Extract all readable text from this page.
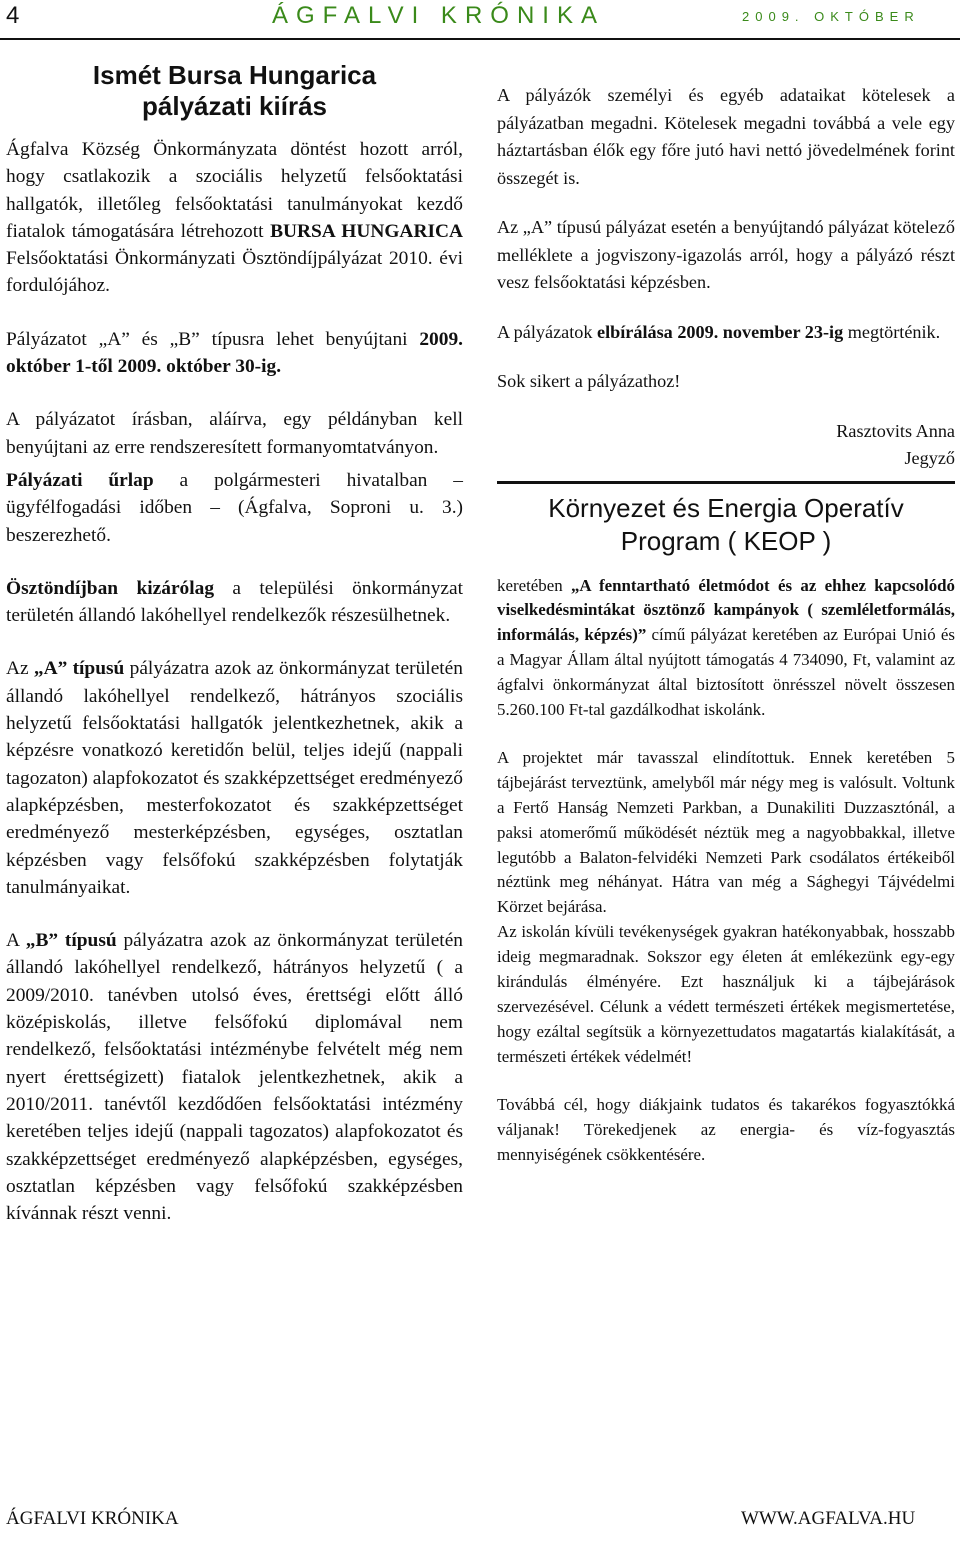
4	ÁGFALVI KRÓNIKA	2009. OKTÓBER
Ismét Bursa Hungarica
pályázati kiírás

Ágfalva Község Önkormányzata döntést hozott arról, hogy csatlakozik a szociális helyzetű felsőoktatási hallgatók, illetőleg felsőoktatási tanulmányokat kezdő fiatalok támogatására létrehozott BURSA HUNGARICA Felsőoktatási Önkormányzati Ösztöndíjpályázat 2010. évi fordulójához.

Pályázatot „A” és „B” típusra lehet benyújtani 2009. október 1-től 2009. október 30-ig.

A pályázatot írásban, aláírva, egy példányban kell benyújtani az erre rendszeresített formanyomtatványon.

Pályázati űrlap a polgármesteri hivatalban – ügyfélfogadási időben – (Ágfalva, Soproni u. 3.) beszerezhető.

Ösztöndíjban kizárólag a települési önkormányzat területén állandó lakóhellyel rendelkezők részesülhetnek.

Az „A” típusú pályázatra azok az önkormányzat területén állandó lakóhellyel rendelkező, hátrányos szociális helyzetű felsőoktatási hallgatók jelentkezhetnek, akik a képzésre vonatkozó keretidőn belül, teljes idejű (nappali tagozaton) alapfokozatot és szakképzettséget eredményező alapképzésben, mesterfokozatot és szakképzettséget eredményező mesterképzésben, egységes, osztatlan képzésben vagy felsőfokú szakképzésben folytatják tanulmányaikat.

A „B” típusú pályázatra azok az önkormányzat területén állandó lakóhellyel rendelkező, hátrányos helyzetű ( a 2009/2010. tanévben utolsó éves, érettségi előtt álló középiskolás, illetve felsőfokú diplomával nem rendelkező, felsőoktatási intézménybe felvételt még nem nyert érettségizett) fiatalok jelentkezhetnek, akik a 2010/2011. tanévtől kezdődően felsőoktatási intézmény keretében teljes idejű (nappali tagozatos) alapfokozatot és szakképzettséget eredményező alapképzésben, egységes, osztatlan képzésben vagy felsőfokú szakképzésben kívánnak részt venni.

A pályázók személyi és egyéb adataikat kötelesek a pályázatban megadni. Kötelesek megadni továbbá a vele egy háztartásban élők egy főre jutó havi nettó jövedelmének forint összegét is.

Az „A” típusú pályázat esetén a benyújtandó pályázat kötelező melléklete a jogviszony-igazolás arról, hogy a pályázó részt vesz felsőoktatási képzésben.

A pályázatok elbírálása 2009. november 23-ig megtörténik.

Sok sikert a pályázathoz!

Rasztovits Anna

Jegyző

Környezet és Energia Operatív
Program ( KEOP )

keretében „A fenntartható életmódot és az ehhez kapcsolódó viselkedésmintákat ösztönző kampányok ( szemléletformálás, informálás, képzés)” című pályázat keretében az Európai Unió és a Magyar Állam által nyújtott támogatás 4 734090, Ft, valamint az ágfalvi önkormányzat által biztosított önrésszel növelt összesen 5.260.100 Ft-tal gazdálkodhat iskolánk.

A projektet már tavasszal elindítottuk. Ennek keretében 5 tájbejárást terveztünk, amelyből már négy meg is valósult. Voltunk a Fertő Hanság Nemzeti Parkban, a Dunakiliti Duzzasztónál, a paksi atomerőmű működését néztük meg a nagyobbakkal, illetve legutóbb a Balaton-felvidéki Nemzeti Park csodálatos értékeiből néztünk meg néhányat. Hátra van még a Sághegyi Tájvédelmi Körzet bejárása.

Az iskolán kívüli tevékenységek gyakran hatékonyabbak, hosszabb ideig megmaradnak. Sokszor egy életen át emlékezünk egy-egy kirándulás élményére. Ezt használjuk ki a tájbejárások szervezésével. Célunk a védett természeti értékek megismertetése, hogy ezáltal segítsük a környezettudatos magatartás kialakítását, a természeti értékek védelmét!

Továbbá cél, hogy diákjaink tudatos és takarékos fogyasztókká váljanak! Törekedjenek az energia- és víz-fogyasztás mennyiségének csökkentésére.

ÁGFALVI KRÓNIKA	WWW.AGFALVA.HU
